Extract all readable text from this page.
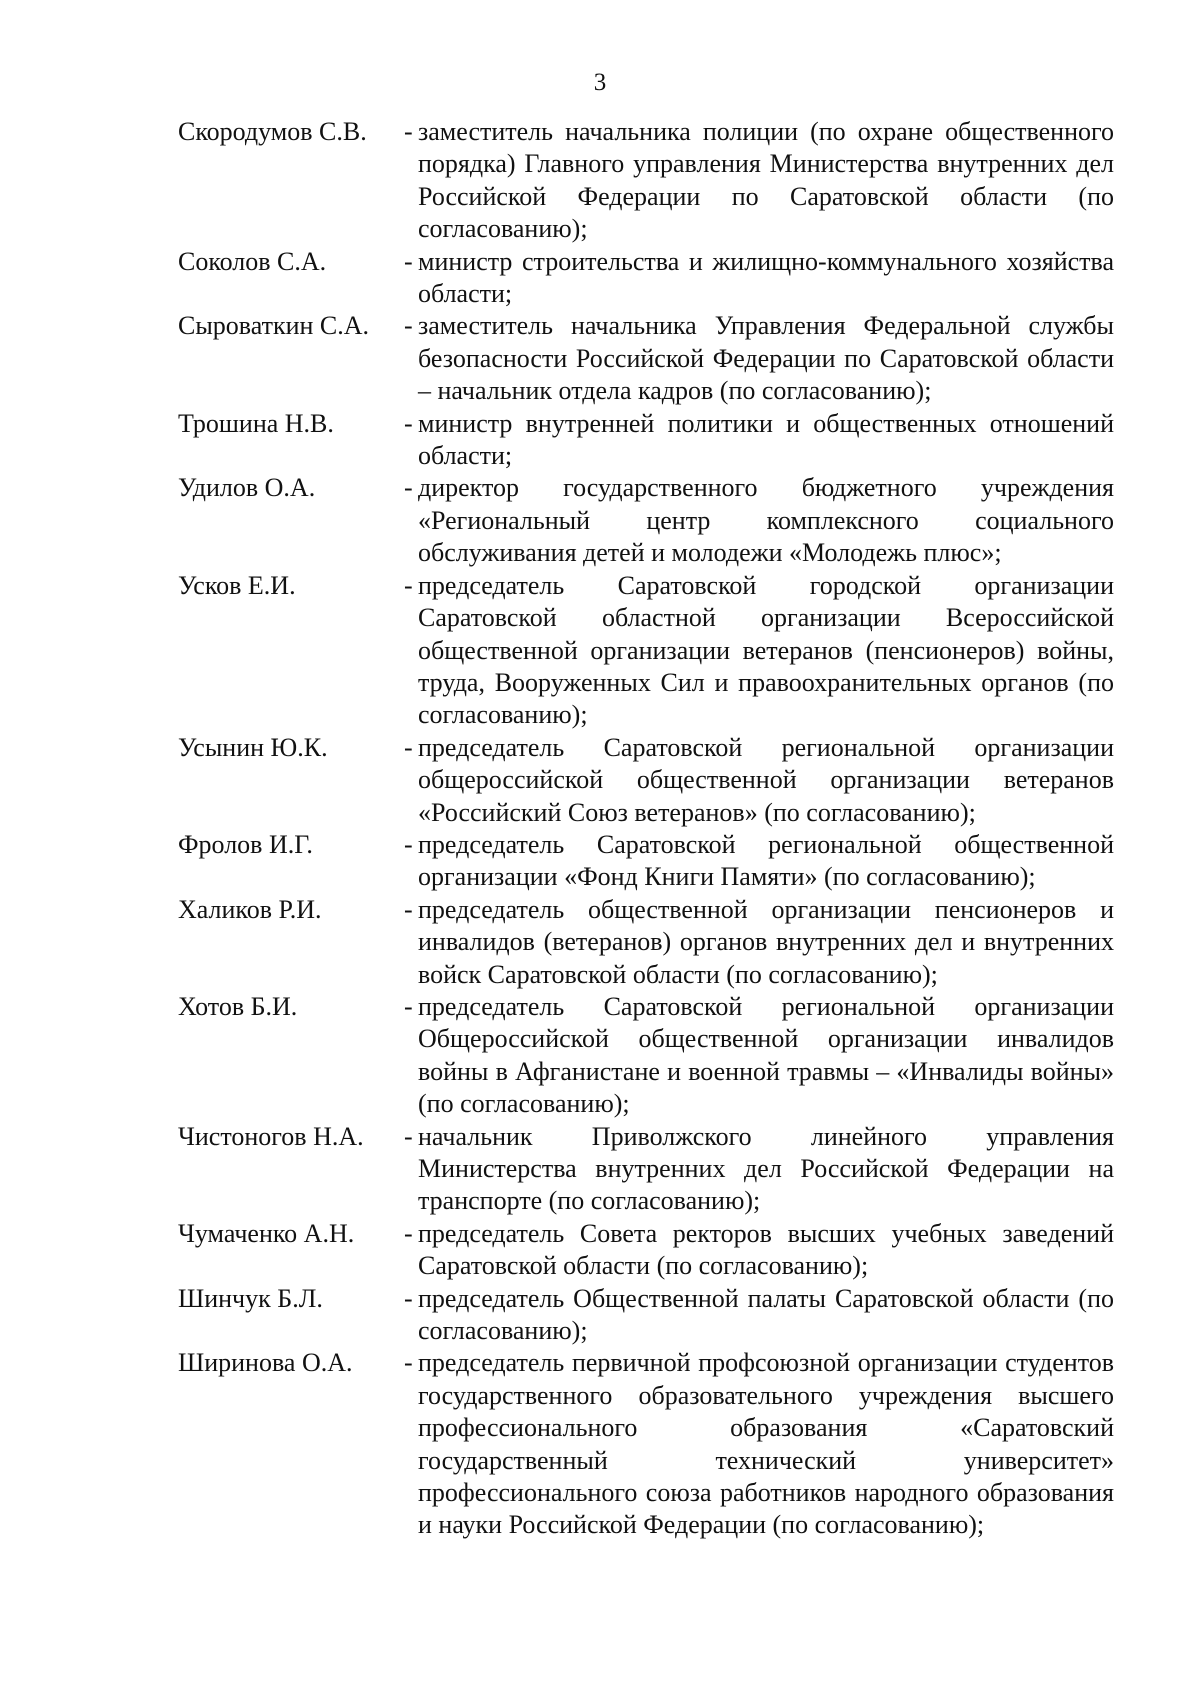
3
Скородумов С.В.	- заместитель начальника полиции (по охране общественного порядка) Главного управления Министерства внутренних дел Российской Федерации по Саратовской области (по согласованию);
Соколов С.А.	- министр строительства и жилищно-коммунального хозяйства области;
Сыроваткин С.А.	- заместитель начальника Управления Федеральной службы безопасности Российской Федерации по Саратовской области – начальник отдела кадров (по согласованию);
Трошина Н.В.	- министр внутренней политики и общественных отношений области;
Удилов О.А.	- директор государственного бюджетного учреждения «Региональный центр комплексного социального обслуживания детей и молодежи «Молодежь плюс»;
Усков Е.И.	- председатель Саратовской городской организации Саратовской областной организации Всероссийской общественной организации ветеранов (пенсионеров) войны, труда, Вооруженных Сил и правоохранительных органов (по согласованию);
Усынин Ю.К.	- председатель Саратовской региональной организации общероссийской общественной организации ветеранов «Российский Союз ветеранов» (по согласованию);
Фролов И.Г.	- председатель Саратовской региональной общественной организации «Фонд Книги Памяти» (по согласованию);
Халиков Р.И.	- председатель общественной организации пенсионеров и инвалидов (ветеранов) органов внутренних дел и внутренних войск Саратовской области (по согласованию);
Хотов Б.И.	- председатель Саратовской региональной организации Общероссийской общественной организации инвалидов войны в Афганистане и военной травмы – «Инвалиды войны» (по согласованию);
Чистоногов Н.А.	- начальник Приволжского линейного управления Министерства внутренних дел Российской Федерации на транспорте (по согласованию);
Чумаченко А.Н.	- председатель Совета ректоров высших учебных заведений Саратовской области (по согласованию);
Шинчук Б.Л.	- председатель Общественной палаты Саратовской области (по согласованию);
Ширинова О.А.	- председатель первичной профсоюзной организации студентов государственного образовательного учреждения высшего профессионального образования «Саратовский государственный технический университет» профессионального союза работников народного образования и науки Российской Федерации (по согласованию);
